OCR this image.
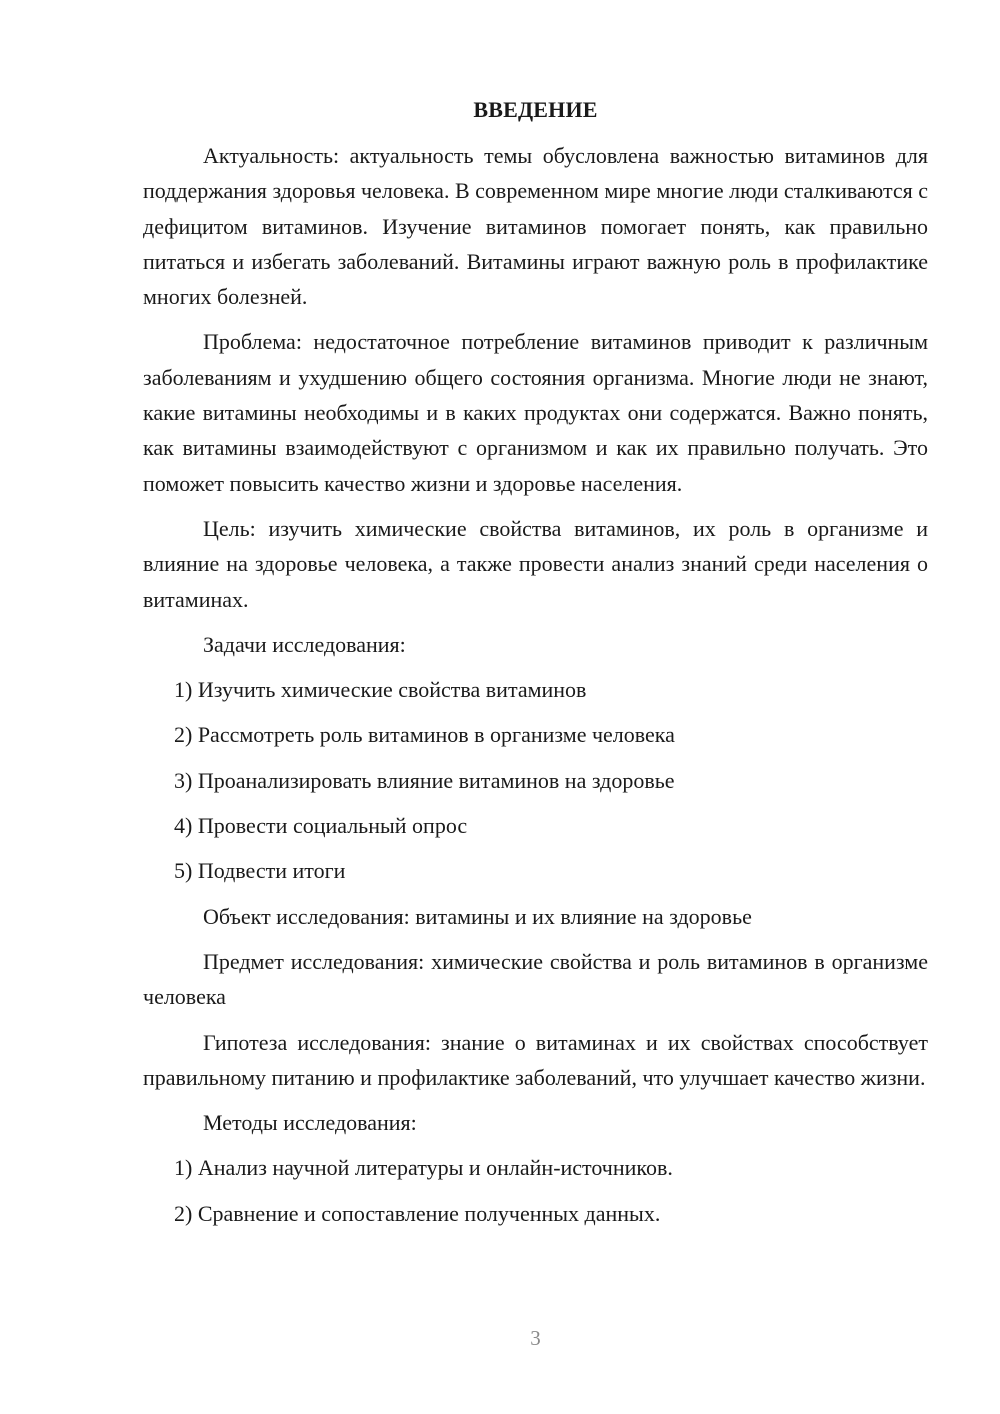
ВВЕДЕНИЕ

Актуальность: актуальность темы обусловлена важностью витаминов для поддержания здоровья человека. В современном мире многие люди сталкиваются с дефицитом витаминов. Изучение витаминов помогает понять, как правильно питаться и избегать заболеваний. Витамины играют важную роль в профилактике многих болезней.

Проблема: недостаточное потребление витаминов приводит к различным заболеваниям и ухудшению общего состояния организма. Многие люди не знают, какие витамины необходимы и в каких продуктах они содержатся. Важно понять, как витамины взаимодействуют с организмом и как их правильно получать. Это поможет повысить качество жизни и здоровье населения.

Цель: изучить химические свойства витаминов, их роль в организме и влияние на здоровье человека, а также провести анализ знаний среди населения о витаминах.

Задачи исследования:

1) Изучить химические свойства витаминов

2) Рассмотреть роль витаминов в организме человека

3) Проанализировать влияние витаминов на здоровье

4) Провести социальный опрос

5) Подвести итоги

Объект исследования: витамины и их влияние на здоровье

Предмет исследования: химические свойства и роль витаминов в организме человека

Гипотеза исследования: знание о витаминах и их свойствах способствует правильному питанию и профилактике заболеваний, что улучшает качество жизни.

Методы исследования:

1) Анализ научной литературы и онлайн-источников.

2) Сравнение и сопоставление полученных данных.

3
